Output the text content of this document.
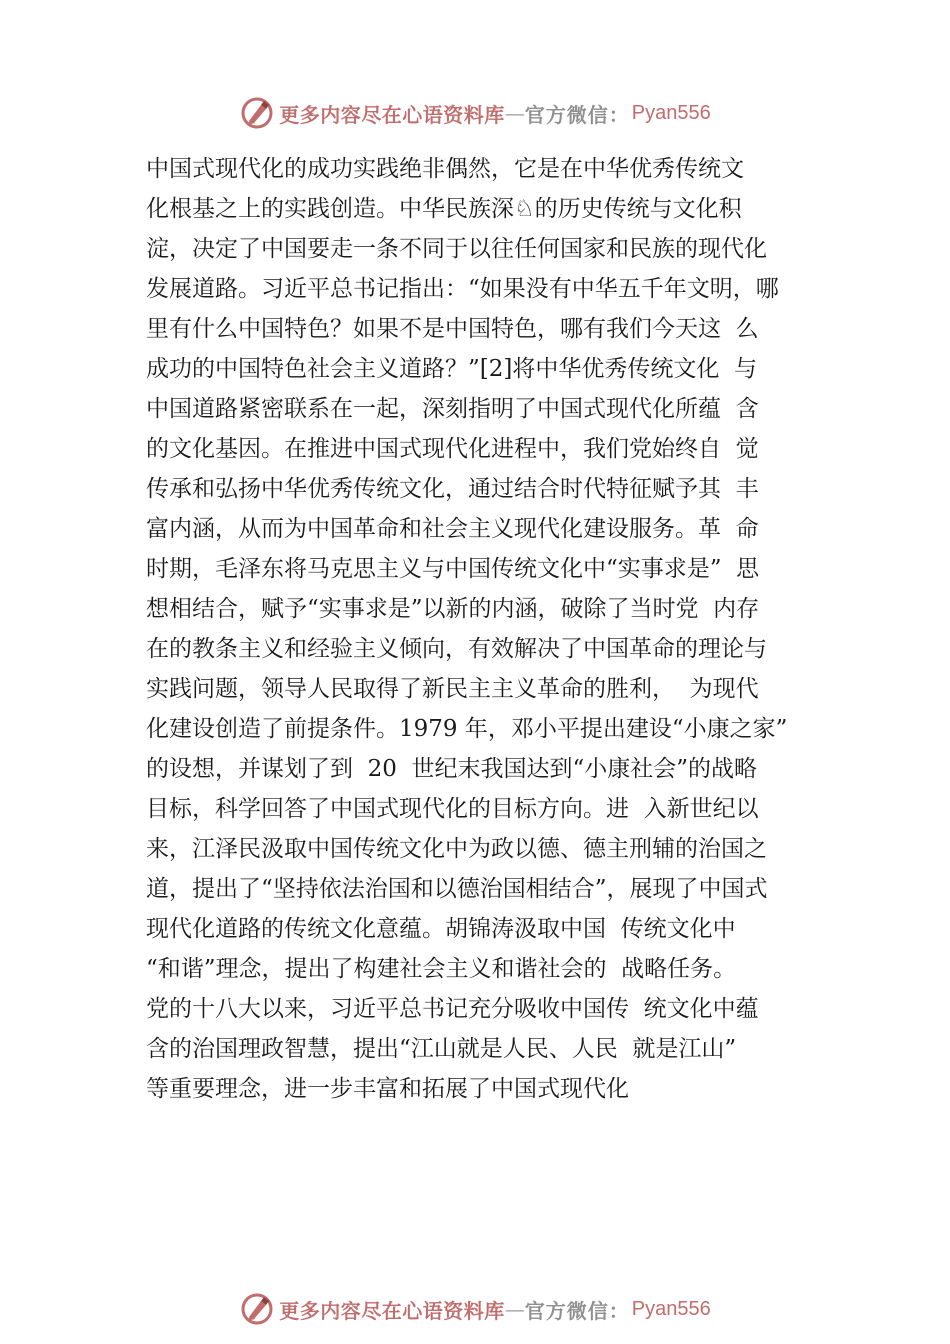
更多内容尽在心语资料库 — 官方微信： Pyan556
中国式现代化的成功实践绝非偶然，它是在中华优秀传统文
化根基之上的实践创造。中华民族深♘的历史传统与文化积
淀，决定了中国要走一条不同于以往任何国家和民族的现代化
发展道路。习近平总书记指出：“如果没有中华五千年文明，哪
里有什么中国特色？如果不是中国特色，哪有我们今天这  么
成功的中国特色社会主义道路？”[2]将中华优秀传统文化  与
中国道路紧密联系在一起，深刻指明了中国式现代化所蕴  含
的文化基因。在推进中国式现代化进程中，我们党始终自  觉
传承和弘扬中华优秀传统文化，通过结合时代特征赋予其  丰
富内涵，从而为中国革命和社会主义现代化建设服务。革  命
时期，毛泽东将马克思主义与中国传统文化中“实事求是”  思
想相结合，赋予“实事求是”以新的内涵，破除了当时党  内存
在的教条主义和经验主义倾向，有效解决了中国革命的理论与
实践问题，领导人民取得了新民主主义革命的胜利，  为现代
化建设创造了前提条件。1979 年，邓小平提出建设“小康之家”
的设想，并谋划了到  20  世纪末我国达到“小康社会”的战略
目标，科学回答了中国式现代化的目标方向。进  入新世纪以
来，江泽民汲取中国传统文化中为政以德、德主刑辅的治国之
道，提出了“坚持依法治国和以德治国相结合”，展现了中国式
现代化道路的传统文化意蕴。胡锦涛汲取中国  传统文化中
“和谐”理念，提出了构建社会主义和谐社会的  战略任务。
党的十八大以来，习近平总书记充分吸收中国传  统文化中蕴
含的治国理政智慧，提出“江山就是人民、人民  就是江山”
等重要理念，进一步丰富和拓展了中国式现代化
更多内容尽在心语资料库 — 官方微信： Pyan556
